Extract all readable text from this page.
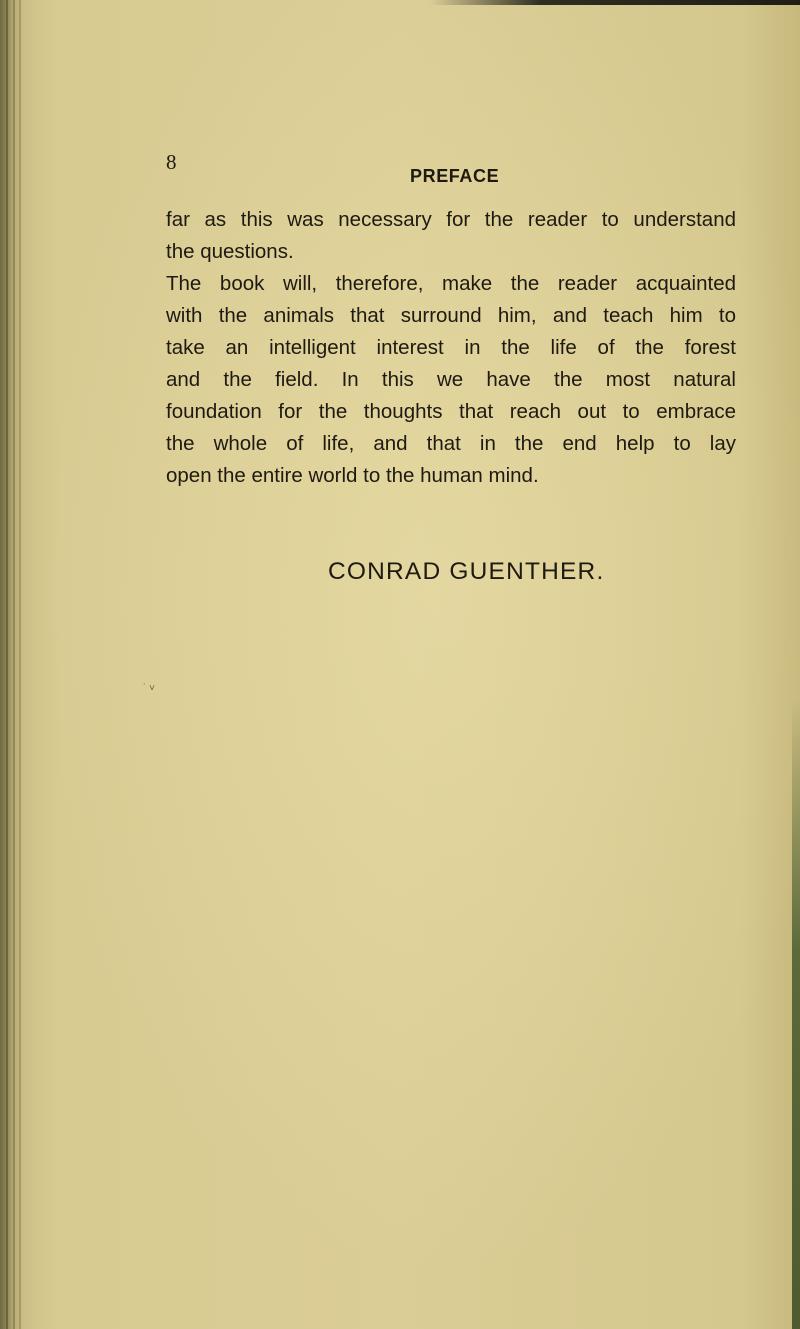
8
PREFACE

far as this was necessary for the reader to understand

the questions.

The book will, therefore, make the reader acquainted

with the animals that surround him, and teach him to

take an intelligent interest in the life of the forest

and the field. In this we have the most natural

foundation for the thoughts that reach out to embrace

the whole of life, and that in the end help to lay

open the entire world to the human mind.

CONRAD GUENTHER.
˙ ˅
